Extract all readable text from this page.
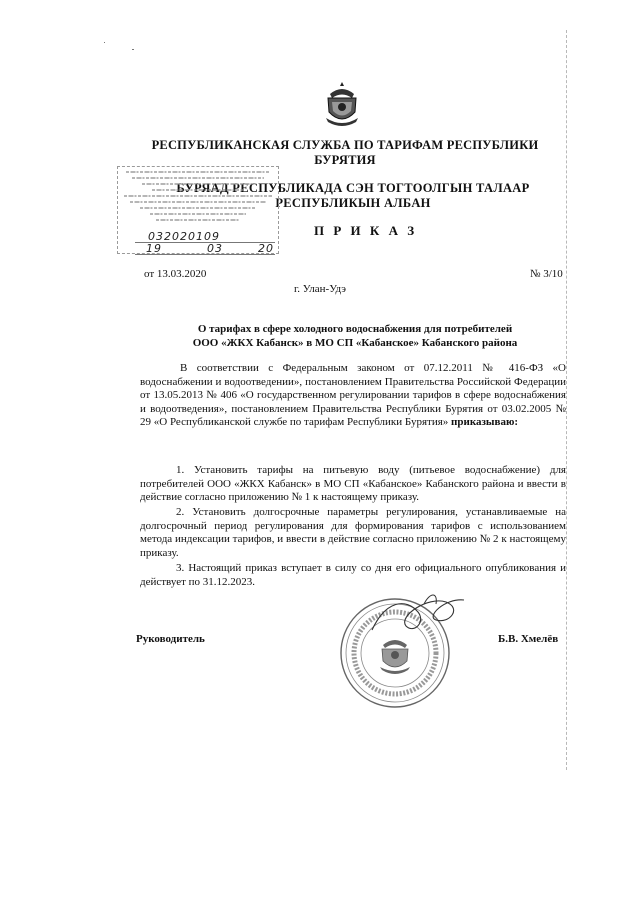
РЕСПУБЛИКАНСКАЯ СЛУЖБА ПО ТАРИФАМ РЕСПУБЛИКИ
БУРЯТИЯ
БУРЯАД РЕСПУБЛИКАДА СЭН ТОГТООЛГЫН ТАЛААР
РЕСПУБЛИКЫН АЛБАН
П Р И К А З
032020109
19	03	20
от 13.03.2020	№ 3/10
г. Улан-Удэ
О тарифах в сфере холодного водоснабжения для потребителей
ООО «ЖКХ Кабанск» в МО СП «Кабанское» Кабанского района
В соответствии с Федеральным законом от 07.12.2011 № 416-ФЗ «О водоснабжении и водоотведении», постановлением Правительства Российской Федерации от 13.05.2013 № 406 «О государственном регулировании тарифов в сфере водоснабжения и водоотведения», постановлением Правительства Республики Бурятия от 03.02.2005 № 29 «О Республиканской службе по тарифам Республики Бурятия» приказываю:
1. Установить тарифы на питьевую воду (питьевое водоснабжение) для потребителей ООО «ЖКХ Кабанск» в МО СП «Кабанское» Кабанского района и ввести в действие согласно приложению № 1 к настоящему приказу.
2. Установить долгосрочные параметры регулирования, устанавливаемые на долгосрочный период регулирования для формирования тарифов с использованием метода индексации тарифов, и ввести в действие согласно приложению № 2 к настоящему приказу.
3. Настоящий приказ вступает в силу со дня его официального опубликования и действует по 31.12.2023.
Руководитель	Б.В. Хмелёв
